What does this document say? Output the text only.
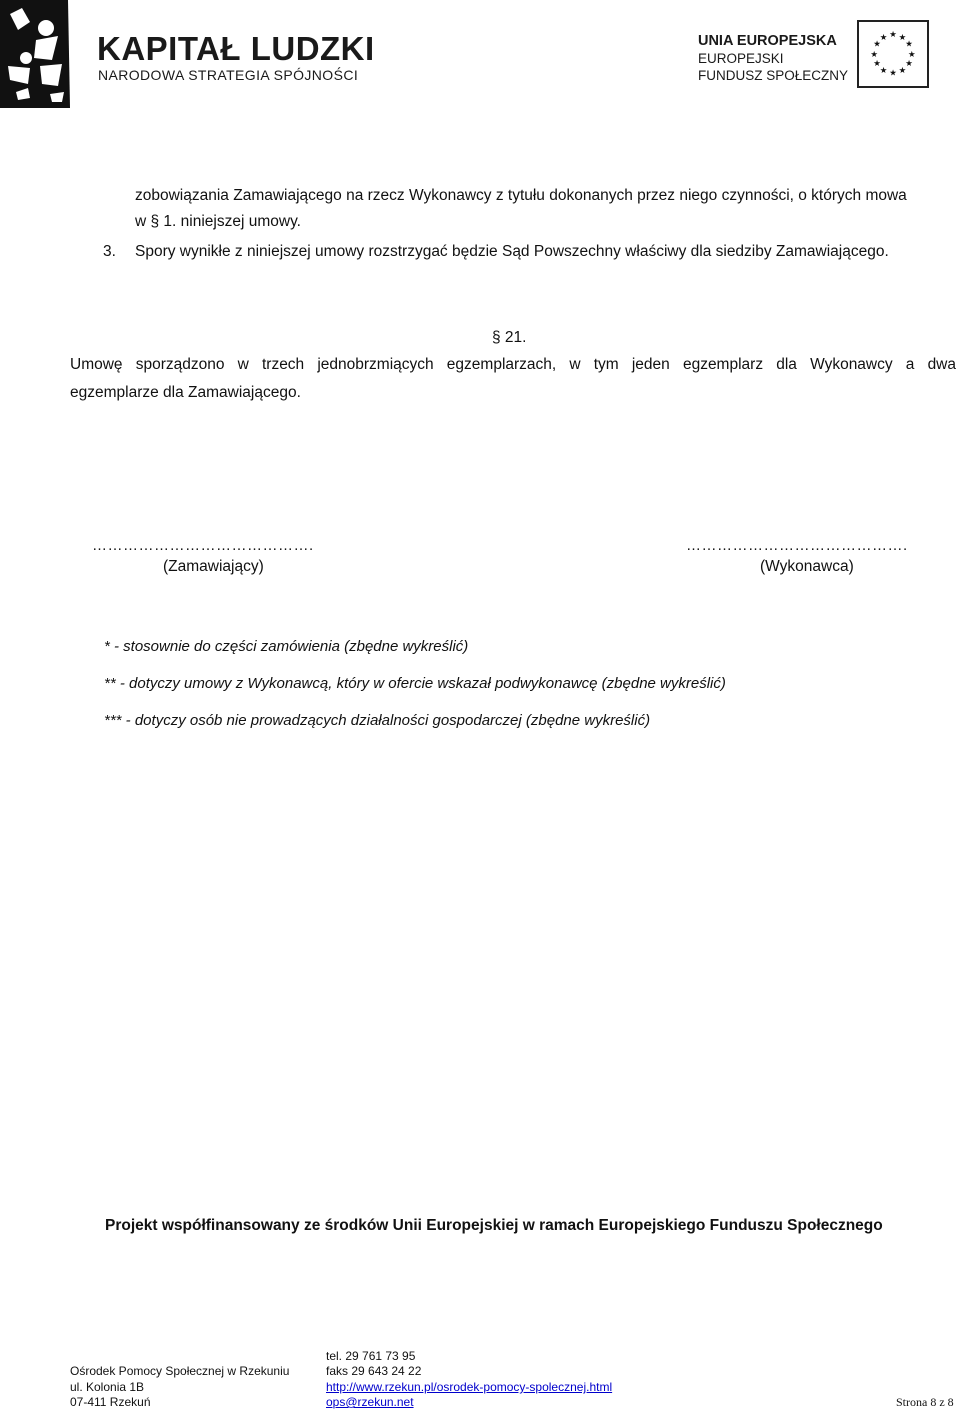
KAPITAŁ LUDZKI
NARODOWA STRATEGIA SPÓJNOŚCI
UNIA EUROPEJSKA
EUROPEJSKI
FUNDUSZ SPOŁECZNY
★ ★
★
★
★
★
★
★
★
★
★
★
zobowiązania Zamawiającego na rzecz Wykonawcy z tytułu dokonanych przez niego czynności, o których mowa
w § 1. niniejszej umowy.
3. Spory wynikłe z niniejszej umowy rozstrzygać będzie Sąd Powszechny właściwy dla siedziby Zamawiającego.
§ 21.
Umowę sporządzono w trzech jednobrzmiących egzemplarzach, w tym jeden egzemplarz dla Wykonawcy a dwa
egzemplarze dla Zamawiającego.
…………………………………….
(Zamawiający)
…………………………………….
(Wykonawca)
* - stosownie do części zamówienia (zbędne wykreślić)
** - dotyczy umowy z Wykonawcą, który w ofercie wskazał podwykonawcę (zbędne wykreślić)
*** - dotyczy osób nie prowadzących działalności gospodarczej (zbędne wykreślić)
Projekt współfinansowany ze środków Unii Europejskiej w ramach Europejskiego Funduszu Społecznego
Ośrodek Pomocy Społecznej w Rzekuniu
ul. Kolonia 1B
07-411 Rzekuń
tel. 29 761 73 95
faks 29 643 24 22
http://www.rzekun.pl/osrodek-pomocy-spolecznej.html
ops@rzekun.net	Strona 8 z 8
